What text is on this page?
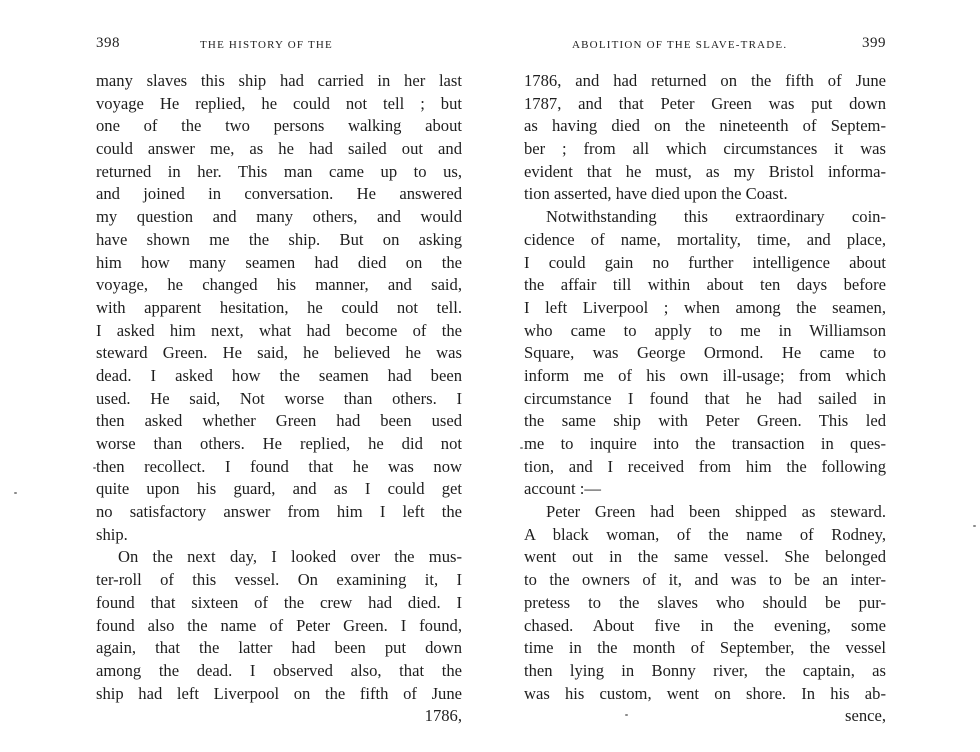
398	THE HISTORY OF THE
many slaves this ship had carried in her last
voyage He replied, he could not tell ; but
one of the two persons walking about
could answer me, as he had sailed out and
returned in her. This man came up to us,
and joined in conversation. He answered
my question and many others, and would
have shown me the ship. But on asking
him how many seamen had died on the
voyage, he changed his manner, and said,
with apparent hesitation, he could not tell.
I asked him next, what had become of the
steward Green. He said, he believed he was
dead. I asked how the seamen had been
used. He said, Not worse than others. I
then asked whether Green had been used
worse than others. He replied, he did not
then recollect. I found that he was now
quite upon his guard, and as I could get
no satisfactory answer from him I left the
ship.
On the next day, I looked over the mus-
ter-roll of this vessel. On examining it, I
found that sixteen of the crew had died. I
found also the name of Peter Green. I found,
again, that the latter had been put down
among the dead. I observed also, that the
ship had left Liverpool on the fifth of June
1786,
ABOLITION OF THE SLAVE-TRADE.	399
1786, and had returned on the fifth of June
1787, and that Peter Green was put down
as having died on the nineteenth of Septem-
ber ; from all which circumstances it was
evident that he must, as my Bristol informa-
tion asserted, have died upon the Coast.
Notwithstanding this extraordinary coin-
cidence of name, mortality, time, and place,
I could gain no further intelligence about
the affair till within about ten days before
I left Liverpool ; when among the seamen,
who came to apply to me in Williamson
Square, was George Ormond. He came to
inform me of his own ill-usage; from which
circumstance I found that he had sailed in
the same ship with Peter Green. This led
me to inquire into the transaction in ques-
tion, and I received from him the following
account :—
Peter Green had been shipped as steward.
A black woman, of the name of Rodney,
went out in the same vessel. She belonged
to the owners of it, and was to be an inter-
pretess to the slaves who should be pur-
chased. About five in the evening, some
time in the month of September, the vessel
then lying in Bonny river, the captain, as
was his custom, went on shore. In his ab-
sence,
